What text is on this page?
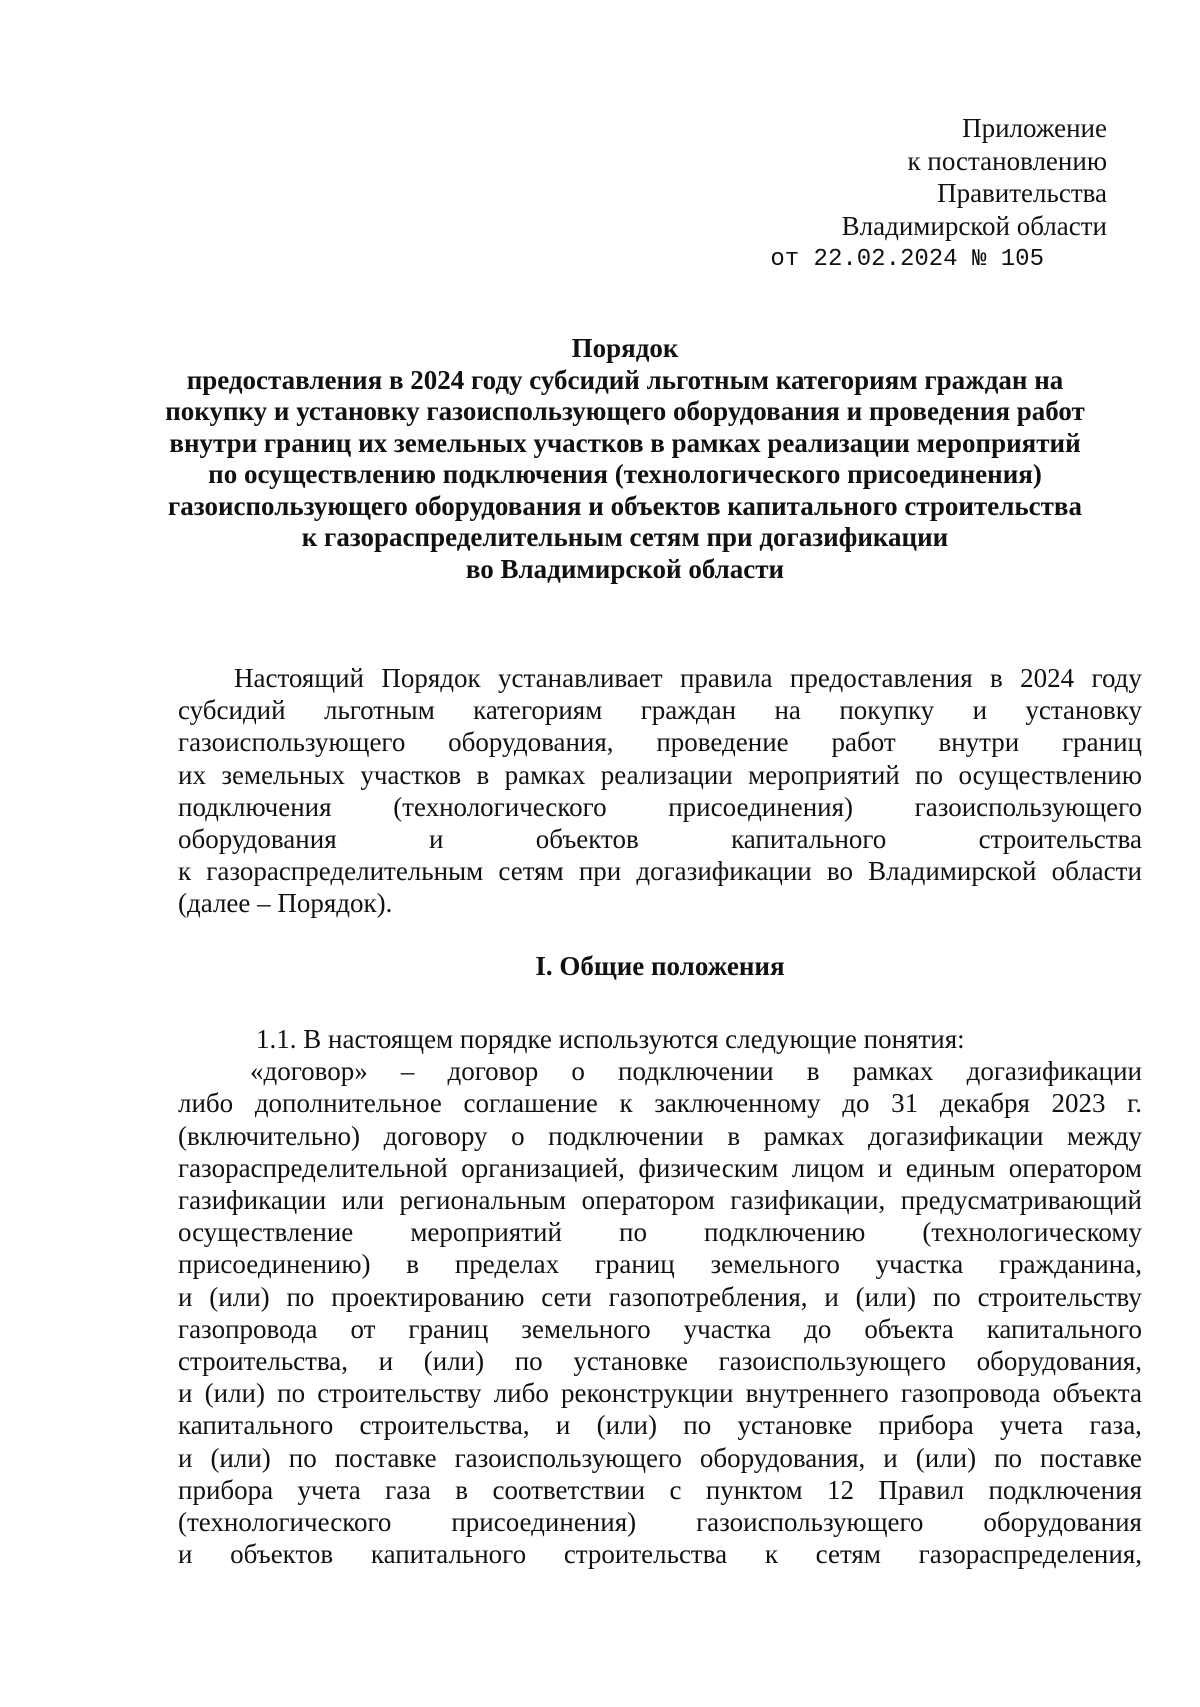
Приложение
к постановлению
Правительства
Владимирской области
от 22.02.2024 № 105
Порядок
предоставления в 2024 году субсидий льготным категориям граждан на
покупку и установку газоиспользующего оборудования и проведения работ
внутри границ их земельных участков в рамках реализации мероприятий
по осуществлению подключения (технологического присоединения)
газоиспользующего оборудования и объектов капитального строительства
к газораспределительным сетям при догазификации
во Владимирской области
Настоящий Порядок устанавливает правила предоставления в 2024 году
субсидий льготным категориям граждан на покупку и установку
газоиспользующего оборудования, проведение работ внутри границ
их земельных участков в рамках реализации мероприятий по осуществлению
подключения (технологического присоединения) газоиспользующего
оборудования	и	объектов	капитального	строительства
к газораспределительным сетям при догазификации во Владимирской области
(далее – Порядок).
I. Общие положения
1.1. В настоящем порядке используются следующие понятия:
«договор» – договор о подключении в рамках догазификации
либо дополнительное соглашение к заключенному до 31 декабря 2023 г.
(включительно) договору о подключении в рамках догазификации между
газораспределительной организацией, физическим лицом и единым оператором
газификации или региональным оператором газификации, предусматривающий
осуществление мероприятий по подключению (технологическому
присоединению) в пределах границ земельного участка гражданина,
и (или) по проектированию сети газопотребления, и (или) по строительству
газопровода от границ земельного участка до объекта капитального
строительства, и (или) по установке газоиспользующего оборудования,
и (или) по строительству либо реконструкции внутреннего газопровода объекта
капитального строительства, и (или) по установке прибора учета газа,
и (или) по поставке газоиспользующего оборудования, и (или) по поставке
прибора учета газа в соответствии с пунктом 12 Правил подключения
(технологического присоединения) газоиспользующего оборудования
и объектов капитального строительства к сетям газораспределения,
